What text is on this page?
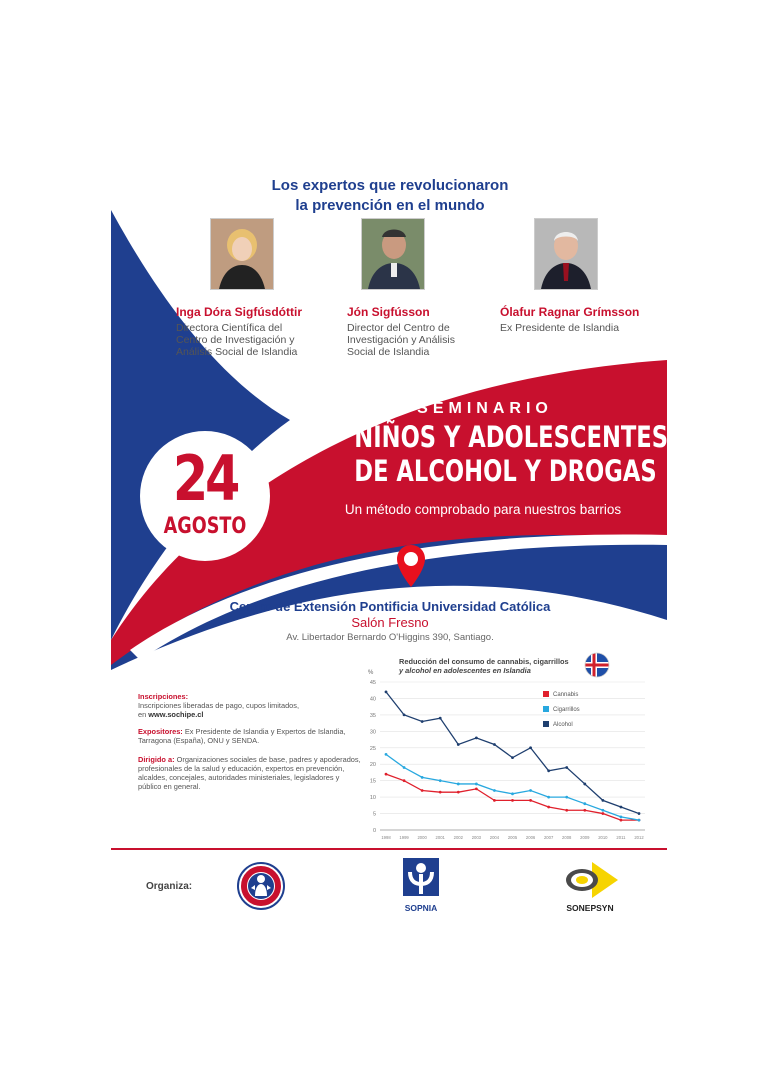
Los expertos que revolucionaron
la prevención en el mundo
Inga Dóra Sigfúsdóttir
Directora Científica del
Centro de Investigación y
Análisis Social de Islandia
Jón Sigfússon
Director del Centro de
Investigación y Análisis
Social de Islandia
Ólafur Ragnar Grímsson
Ex Presidente de Islandia
24
AGOSTO
SEMINARIO
NIÑOS Y ADOLESCENTES LIBRES
DE ALCOHOL Y DROGAS
Un método comprobado para nuestros barrios
Centro de Extensión Pontificia Universidad Católica
Salón Fresno
Av. Libertador Bernardo O'Higgins 390, Santiago.
Inscripciones:
Inscripciones liberadas de pago, cupos limitados,
en www.sochipe.cl
Expositores: Ex Presidente de Islandia y Expertos de Islandia, Tarragona (España), ONU y SENDA.
Dirigido a: Organizaciones sociales de base, padres y apoderados, profesionales de la salud y educación, expertos en prevención, alcaldes, concejales, autoridades ministeriales, legisladores y público en general.
Reducción del consumo de cannabis, cigarrillos
y alcohol en adolescentes en Islandia
%
0
5
10
15
20
25
30
35
40
45
1998 1999 2000 2001 2002 2003 2004 2005 2006 2007 2008 2009 2010 2011 2012
Cannabis
Cigarrillos
Alcohol
Organiza:
SOPNIA	SONEPSYN
